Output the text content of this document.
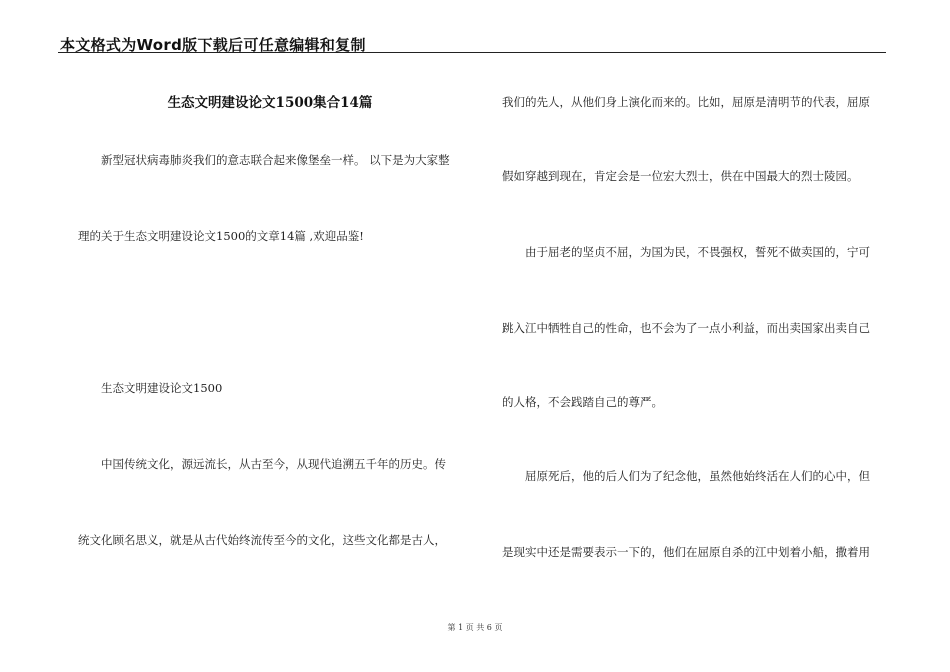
本文格式为Word版下载后可任意编辑和复制
生态文明建设论文1500集合14篇
新型冠状病毒肺炎我们的意志联合起来像堡垒一样。 以下是为大家整
理的关于生态文明建设论文1500的文章14篇 ,欢迎品鉴!
生态文明建设论文1500
中国传统文化，源远流长，从古至今，从现代追溯五千年的历史。传
统文化顾名思义，就是从古代始终流传至今的文化，这些文化都是古人，
我们的先人，从他们身上演化而来的。比如，屈原是清明节的代表，屈原
假如穿越到现在，肯定会是一位宏大烈士，供在中国最大的烈士陵园。
由于屈老的坚贞不屈，为国为民，不畏强权，誓死不做卖国的，宁可
跳入江中牺牲自己的性命，也不会为了一点小利益，而出卖国家出卖自己
的人格，不会践踏自己的尊严。
屈原死后，他的后人们为了纪念他，虽然他始终活在人们的心中，但
是现实中还是需要表示一下的，他们在屈原自杀的江中划着小船，撒着用
第 1 页 共 6 页
